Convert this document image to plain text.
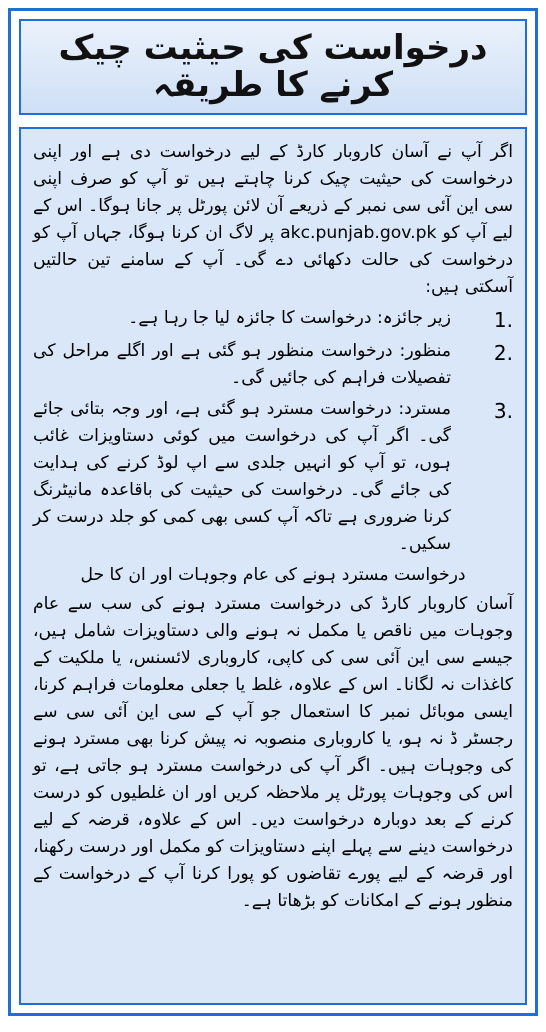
درخواست کی حیثیت چیک کرنے کا طریقہ

اگر آپ نے آسان کاروبار کارڈ کے لیے درخواست دی ہے اور اپنی درخواست کی حیثیت چیک کرنا چاہتے ہیں تو آپ کو صرف اپنی سی این آئی سی نمبر کے ذریعے آن لائن پورٹل پر جانا ہوگا۔ اس کے لیے آپ کو akc.punjab.gov.pk پر لاگ ان کرنا ہوگا، جہاں آپ کو درخواست کی حالت دکھائی دے گی۔ آپ کے سامنے تین حالتیں آسکتی ہیں:

1.
زیر جائزہ: درخواست کا جائزہ لیا جا رہا ہے۔
2.
منظور: درخواست منظور ہو گئی ہے اور اگلے مراحل کی تفصیلات فراہم کی جائیں گی۔
3.
مسترد: درخواست مسترد ہو گئی ہے، اور وجہ بتائی جائے گی۔ اگر آپ کی درخواست میں کوئی دستاویزات غائب ہوں، تو آپ کو انہیں جلدی سے اپ لوڈ کرنے کی ہدایت کی جائے گی۔ درخواست کی حیثیت کی باقاعدہ مانیٹرنگ کرنا ضروری ہے تاکہ آپ کسی بھی کمی کو جلد درست کر سکیں۔
درخواست مسترد ہونے کی عام وجوہات اور ان کا حل

آسان کاروبار کارڈ کی درخواست مسترد ہونے کی سب سے عام وجوہات میں ناقص یا مکمل نہ ہونے والی دستاویزات شامل ہیں، جیسے سی این آئی سی کی کاپی، کاروباری لائسنس، یا ملکیت کے کاغذات نہ لگانا۔ اس کے علاوہ، غلط یا جعلی معلومات فراہم کرنا، ایسی موبائل نمبر کا استعمال جو آپ کے سی این آئی سی سے رجسٹر ڈ نہ ہو، یا کاروباری منصوبہ نہ پیش کرنا بھی مسترد ہونے کی وجوہات ہیں۔ اگر آپ کی درخواست مسترد ہو جاتی ہے، تو اس کی وجوہات پورٹل پر ملاحظہ کریں اور ان غلطیوں کو درست کرنے کے بعد دوبارہ درخواست دیں۔ اس کے علاوہ، قرضہ کے لیے درخواست دینے سے پہلے اپنے دستاویزات کو مکمل اور درست رکھنا، اور قرضہ کے لیے پورے تقاضوں کو پورا کرنا آپ کے درخواست کے منظور ہونے کے امکانات کو بڑھاتا ہے۔
